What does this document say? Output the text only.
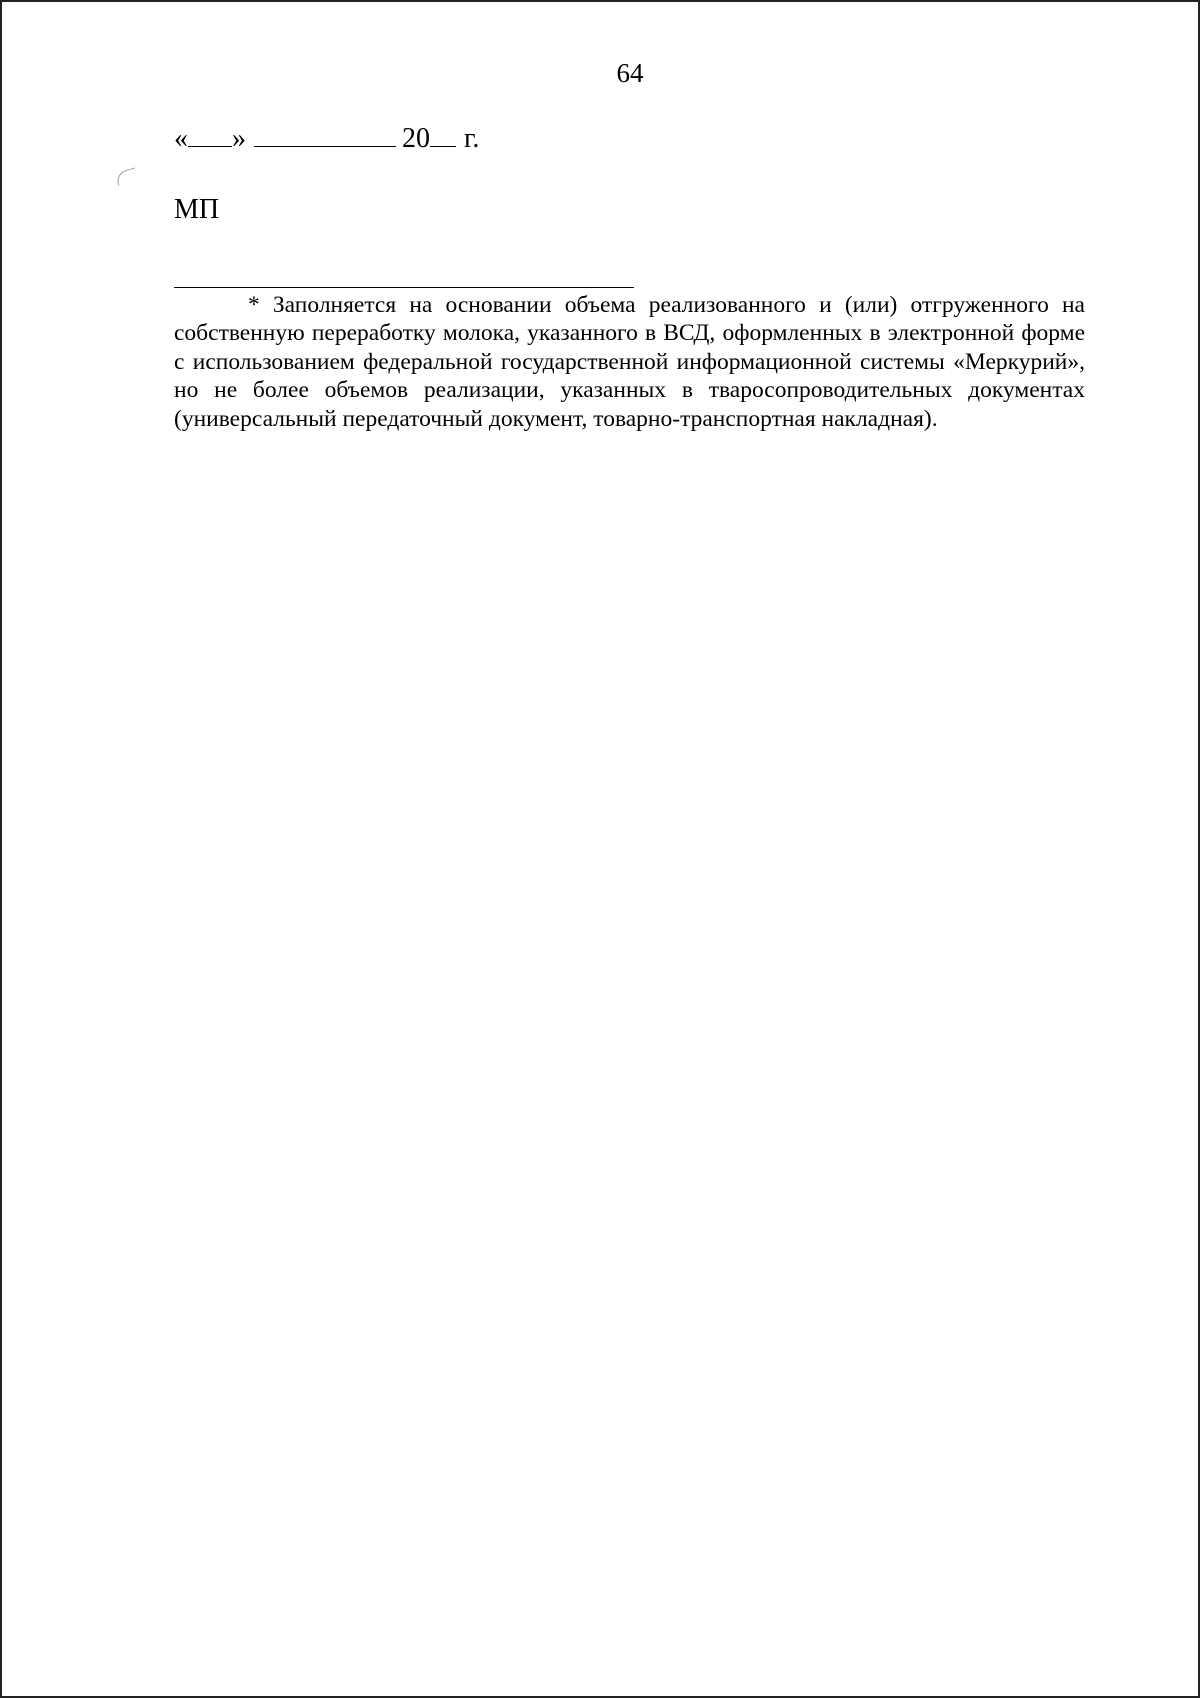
64
« »	20 г.
МП

* Заполняется на основании объема реализованного и (или) отгруженного на собственную переработку молока, указанного в ВСД, оформленных в электронной форме с использованием федеральной государственной информационной системы «Меркурий», но не более объемов реализации, указанных в тваросопроводительных документах (универсальный передаточный документ, товарно-транспортная накладная).
